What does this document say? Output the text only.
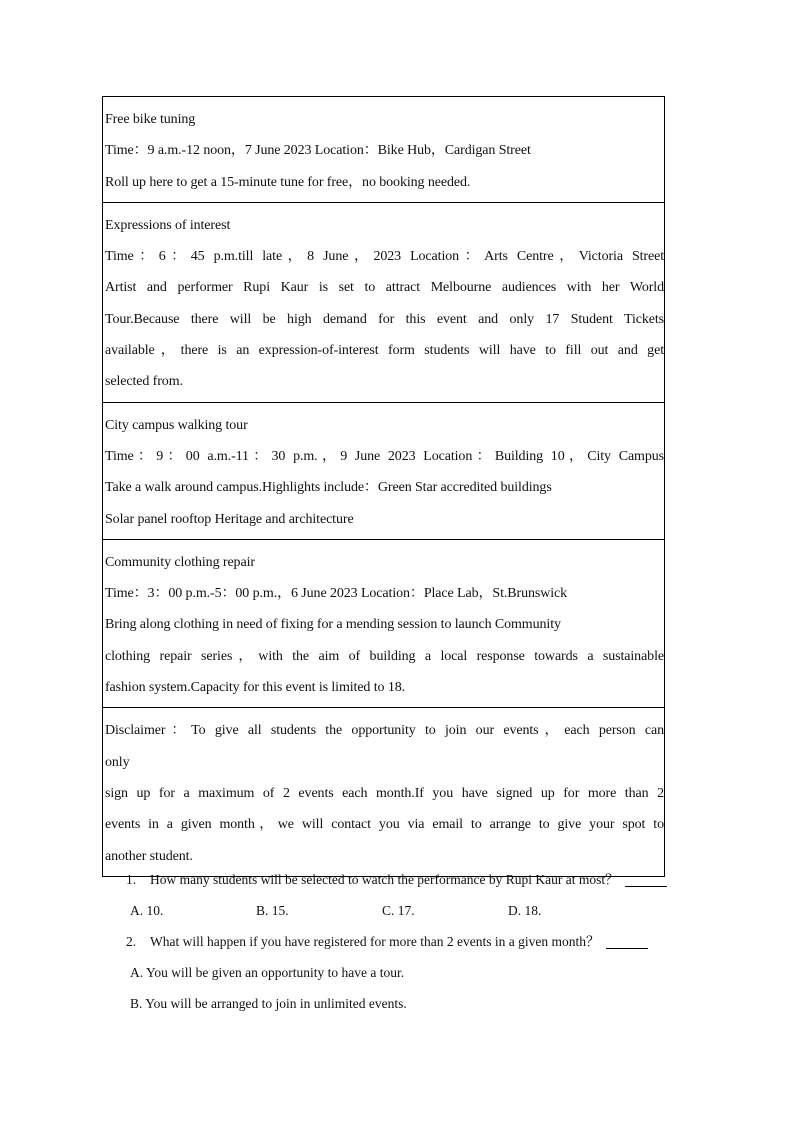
Free bike tuning
Time：9 a.m.-12 noon，7 June 2023 Location：Bike Hub，Cardigan Street
Roll up here to get a 15-minute tune for free，no booking needed.
Expressions of interest
Time：6：45 p.m.till late，8 June，2023 Location：Arts Centre，Victoria Street
Artist and performer Rupi Kaur is set to attract Melbourne audiences with her World
Tour.Because there will be high demand for this event and only 17 Student Tickets
available，there is an expression-of-interest form students will have to fill out and get
selected from.
City campus walking tour
Time：9：00 a.m.-11：30 p.m.，9 June 2023 Location：Building 10，City Campus
Take a walk around campus.Highlights include：Green Star accredited buildings
Solar panel rooftop Heritage and architecture
Community clothing repair
Time：3：00 p.m.-5：00 p.m.，6 June 2023 Location：Place Lab，St.Brunswick
Bring along clothing in need of fixing for a mending session to launch Community
clothing repair series，with the aim of building a local response towards a sustainable
fashion system.Capacity for this event is limited to 18.
Disclaimer：To give all students the opportunity to join our events，each person can
only
sign up for a maximum of 2 events each month.If you have signed up for more than 2
events in a given month，we will contact you via email to arrange to give your spot to
another student.
1. How many students will be selected to watch the performance by Rupi Kaur at most？
A. 10.	B. 15.	C. 17.	D. 18.
2. What will happen if you have registered for more than 2 events in a given month？
A. You will be given an opportunity to have a tour.
B. You will be arranged to join in unlimited events.
